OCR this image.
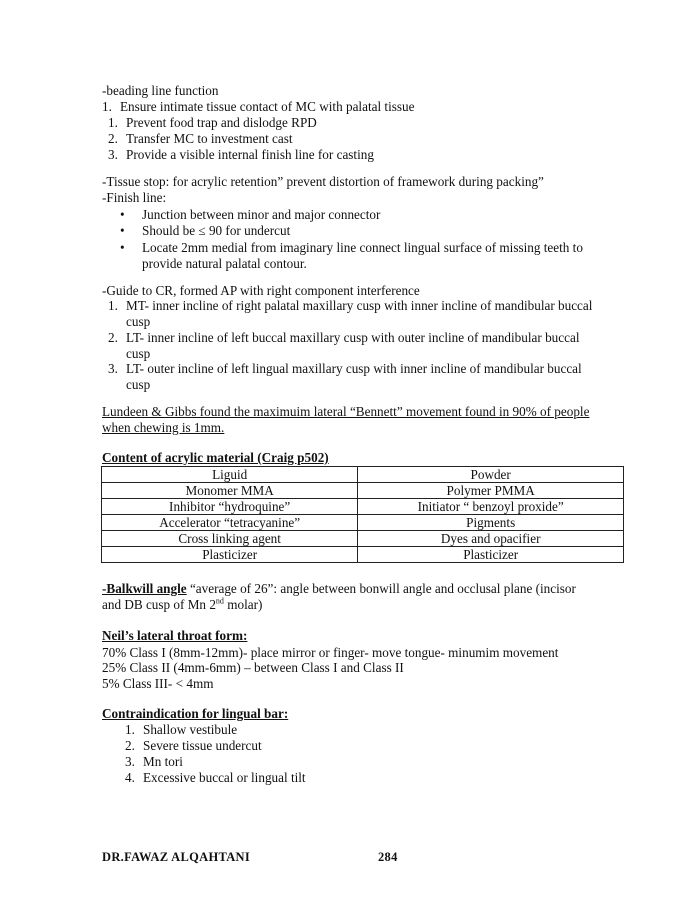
-beading line function
1. Ensure intimate tissue contact of MC with palatal tissue
1. Prevent food trap and dislodge RPD
2. Transfer MC to investment cast
3. Provide a visible internal finish line for casting
-Tissue stop: for acrylic retention” prevent distortion of framework during packing”
-Finish line:
• Junction between minor and major connector
• Should be ≤ 90 for undercut
• Locate 2mm medial from imaginary line connect lingual surface of missing teeth to
provide natural palatal contour.
-Guide to CR, formed AP with right component interference
1. MT- inner incline of right palatal maxillary cusp with inner incline of mandibular buccal
cusp
2. LT- inner incline of left buccal maxillary cusp with outer incline of mandibular buccal
cusp
3. LT- outer incline of left lingual maxillary cusp with inner incline of mandibular buccal
cusp
Lundeen & Gibbs found the maximuim lateral “Bennett” movement found in 90% of people
when chewing is 1mm.
Content of acrylic material (Craig p502)
Liguid	Powder
Monomer MMA	Polymer PMMA
Inhibitor “hydroquine”	Initiator “ benzoyl proxide”
Accelerator “tetracyanine”	Pigments
Cross linking agent	Dyes and opacifier
Plasticizer	Plasticizer
-Balkwill angle “average of 26”: angle between bonwill angle and occlusal plane (incisor
and DB cusp of Mn 2nd molar)
Neil’s lateral throat form:
70% Class I (8mm-12mm)- place mirror or finger- move tongue- minumim movement
25% Class II (4mm-6mm) – between Class I and Class II
5% Class III- < 4mm
Contraindication for lingual bar:
1. Shallow vestibule
2. Severe tissue undercut
3. Mn tori
4. Excessive buccal or lingual tilt
DR.FAWAZ ALQAHTANI	284
